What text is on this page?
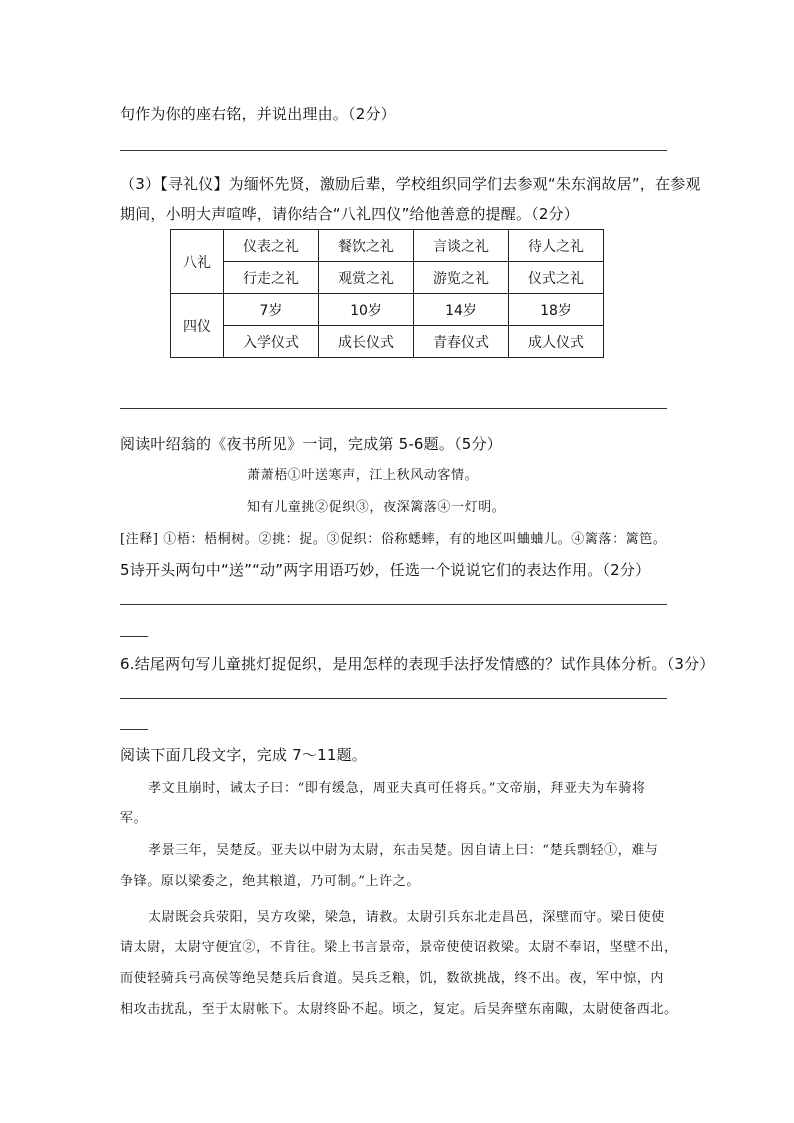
句作为你的座右铭，并说出理由。（2分）
（3）【寻礼仪】为缅怀先贤，激励后辈，学校组织同学们去参观“朱东润故居”，在参观
期间，小明大声喧哗，请你结合“八礼四仪”给他善意的提醒。（2分）
八礼	仪表之礼	餐饮之礼	言谈之礼	待人之礼
	行走之礼	观赏之礼	游览之礼	仪式之礼
四仪	7岁	10岁	14岁	18岁
	入学仪式	成长仪式	青春仪式	成人仪式
阅读叶绍翁的《夜书所见》一词，完成第 5-6题。（5分）
萧萧梧①叶送寒声，江上秋风动客情。
知有儿童挑②促织③，夜深篱落④一灯明。
[注释] ①梧：梧桐树。②挑：捉。③促织：俗称蟋蟀，有的地区叫蛐蛐儿。④篱落：篱笆。
5诗开头两句中“送”“动”两字用语巧妙，任选一个说说它们的表达作用。（2分）
6.结尾两句写儿童挑灯捉促织，是用怎样的表现手法抒发情感的？试作具体分析。（3分）
阅读下面几段文字，完成 7～11题。
孝文且崩时，诫太子曰：“即有缓急，周亚夫真可任将兵。”文帝崩，拜亚夫为车骑将
军。
孝景三年，吴楚反。亚夫以中尉为太尉，东击吴楚。因自请上曰：“楚兵剽轻①，难与
争锋。原以梁委之，绝其粮道，乃可制。”上许之。
太尉既会兵荥阳，吴方攻梁，梁急，请救。太尉引兵东北走昌邑，深壁而守。梁日使使
请太尉，太尉守便宜②，不肯往。梁上书言景帝，景帝使使诏救梁。太尉不奉诏，坚壁不出，
而使轻骑兵弓高侯等绝吴楚兵后食道。吴兵乏粮，饥，数欲挑战，终不出。夜，军中惊，内
相攻击扰乱，至于太尉帐下。太尉终卧不起。顷之，复定。后吴奔壁东南陬，太尉使备西北。
